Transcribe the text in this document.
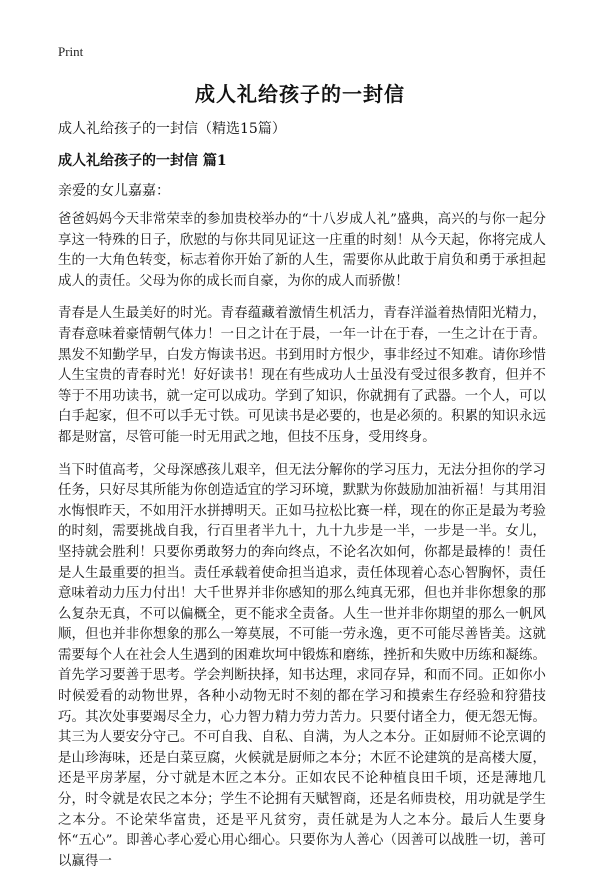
Print
成人礼给孩子的一封信
成人礼给孩子的一封信（精选15篇）
成人礼给孩子的一封信 篇1
亲爱的女儿嘉嘉：

爸爸妈妈今天非常荣幸的参加贵校举办的“十八岁成人礼”盛典，高兴的与你一起分享这一特殊的日子，欣慰的与你共同见证这一庄重的时刻！从今天起，你将完成人生的一大角色转变，标志着你开始了新的人生，需要你从此敢于肩负和勇于承担起成人的责任。父母为你的成长而自豪，为你的成人而骄傲！

青春是人生最美好的时光。青春蕴藏着激情生机活力，青春洋溢着热情阳光精力，青春意味着豪情朝气体力！一日之计在于晨，一年一计在于春，一生之计在于青。黑发不知勤学早，白发方悔读书迟。书到用时方恨少，事非经过不知难。请你珍惜人生宝贵的青春时光！好好读书！现在有些成功人士虽没有受过很多教育，但并不等于不用功读书，就一定可以成功。学到了知识，你就拥有了武器。一个人，可以白手起家，但不可以手无寸铁。可见读书是必要的，也是必须的。积累的知识永远都是财富，尽管可能一时无用武之地，但技不压身，受用终身。

当下时值高考，父母深感孩儿艰辛，但无法分解你的学习压力，无法分担你的学习任务，只好尽其所能为你创造适宜的学习环境，默默为你鼓励加油祈福！与其用泪水悔恨昨天，不如用汗水拼搏明天。正如马拉松比赛一样，现在的你正是最为考验的时刻，需要挑战自我，行百里者半九十，九十九步是一半，一步是一半。女儿，坚持就会胜利！只要你勇敢努力的奔向终点，不论名次如何，你都是最棒的！责任是人生最重要的担当。责任承载着使命担当追求，责任体现着心态心智胸怀，责任意味着动力压力付出！大千世界并非你感知的那么纯真无邪，但也并非你想象的那么复杂无真，不可以偏概全，更不能求全责备。人生一世并非你期望的那么一帆风顺，但也并非你想象的那么一筹莫展，不可能一劳永逸，更不可能尽善皆美。这就需要每个人在社会人生遇到的困难坎坷中锻炼和磨练，挫折和失败中历练和凝练。首先学习要善于思考。学会判断抉择，知书达理，求同存异，和而不同。正如你小时候爱看的动物世界，各种小动物无时不刻的都在学习和摸索生存经验和狩猎技巧。其次处事要竭尽全力，心力智力精力劳力苦力。只要付诸全力，便无怨无悔。其三为人要安分守己。不可自我、自私、自满，为人之本分。正如厨师不论烹调的是山珍海味，还是白菜豆腐，火候就是厨师之本分；木匠不论建筑的是高楼大厦，还是平房茅屋，分寸就是木匠之本分。正如农民不论种植良田千顷，还是薄地几分，时令就是农民之本分；学生不论拥有天赋智商，还是名师贵校，用功就是学生之本分。不论荣华富贵，还是平凡贫穷，责任就是为人之本分。最后人生要身怀“五心”。即善心孝心爱心用心细心。只要你为人善心（因善可以战胜一切，善可以赢得一
